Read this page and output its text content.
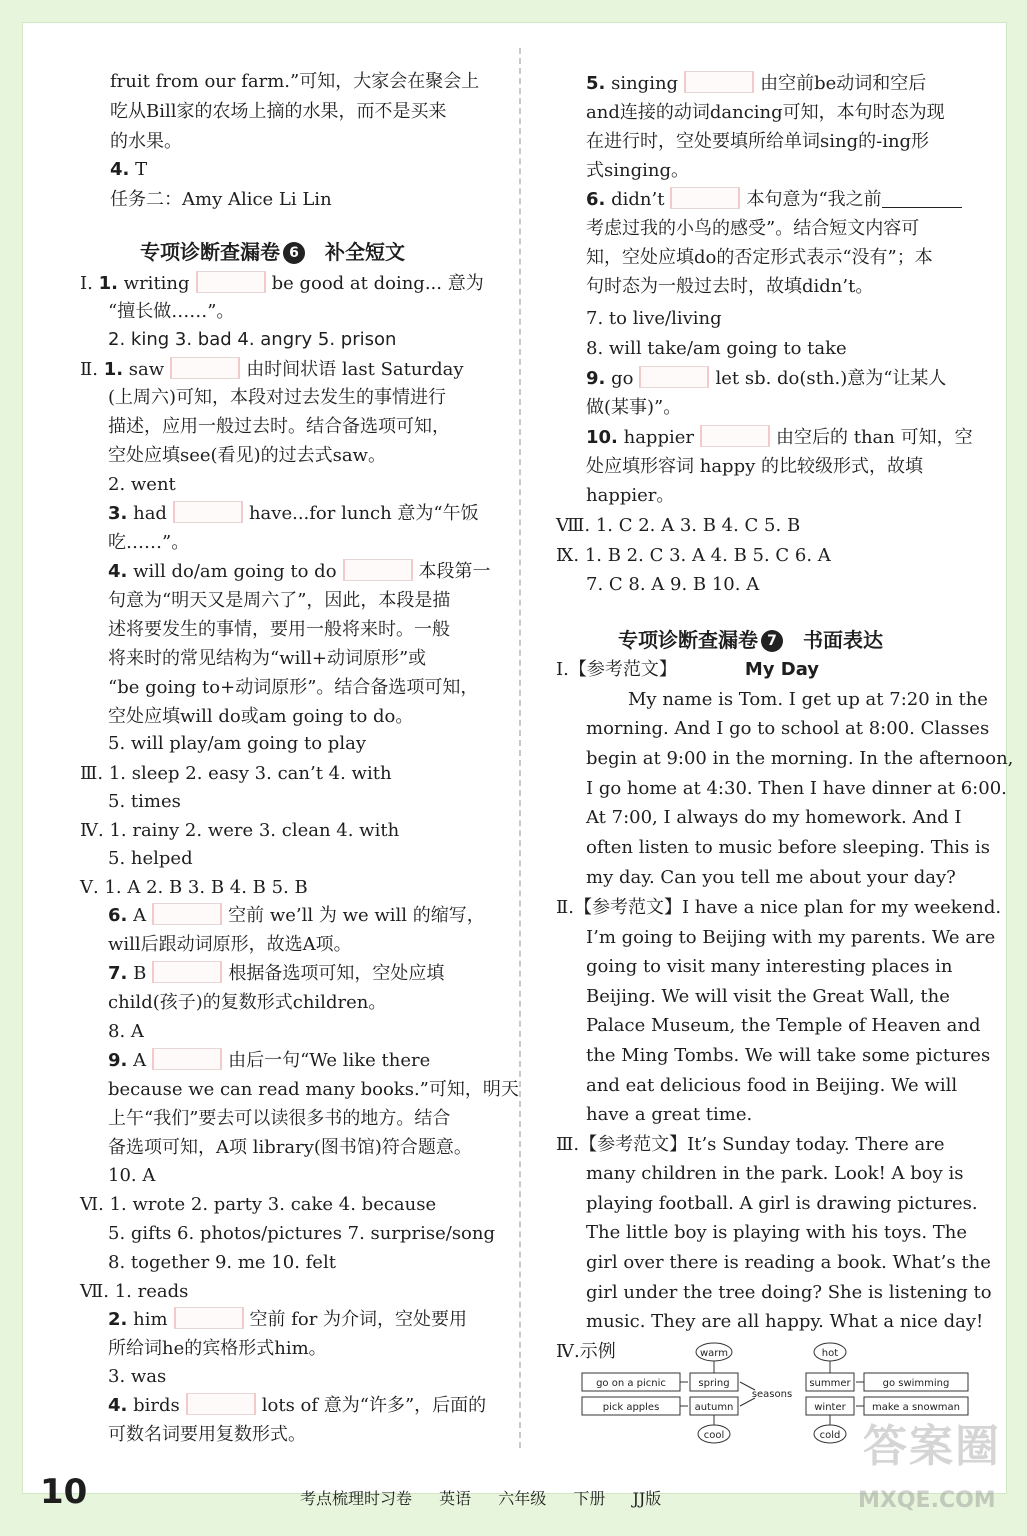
fruit from our farm.”可知，大家会在聚会上
吃从Bill家的农场上摘的水果，而不是买来
的水果。
4. T
任务二：Amy Alice Li Lin
专项诊断查漏卷 6 补全短文
Ⅰ. 1. writing	be good at doing... 意为
“擅长做……”。
2. king 3. bad 4. angry 5. prison
Ⅱ. 1. saw	由时间状语 last Saturday
(上周六)可知，本段对过去发生的事情进行
描述，应用一般过去时。结合备选项可知，
空处应填see(看见)的过去式saw。
2. went
3. had	have...for lunch 意为“午饭
吃……”。
4. will do/am going to do	本段第一
句意为“明天又是周六了”，因此，本段是描
述将要发生的事情，要用一般将来时。一般
将来时的常见结构为“will+动词原形”或
“be going to+动词原形”。结合备选项可知，
空处应填will do或am going to do。
5. will play/am going to play
Ⅲ. 1. sleep 2. easy 3. can’t 4. with
5. times
Ⅳ. 1. rainy 2. were 3. clean 4. with
5. helped
Ⅴ. 1. A 2. B 3. B 4. B 5. B
6. A	空前 we’ll 为 we will 的缩写，
will后跟动词原形，故选A项。
7. B	根据备选项可知，空处应填
child(孩子)的复数形式children。
8. A
9. A	由后一句“We like there
because we can read many books.”可知，明天
上午“我们”要去可以读很多书的地方。结合
备选项可知，A项 library(图书馆)符合题意。
10. A
Ⅵ. 1. wrote 2. party 3. cake 4. because
5. gifts 6. photos/pictures 7. surprise/song
8. together 9. me 10. felt
Ⅶ. 1. reads
2. him	空前 for 为介词，空处要用
所给词he的宾格形式him。
3. was
4. birds	lots of 意为“许多”，后面的
可数名词要用复数形式。
5. singing	由空前be动词和空后
and连接的动词dancing可知，本句时态为现
在进行时，空处要填所给单词sing的-ing形
式singing。
6. didn’t	本句意为“我之前
考虑过我的小鸟的感受”。结合短文内容可
知，空处应填do的否定形式表示“没有”；本
句时态为一般过去时，故填didn’t。
7. to live/living
8. will take/am going to take
9. go	let sb. do(sth.)意为“让某人
做(某事)”。
10. happier	由空后的 than 可知，空
处应填形容词 happy 的比较级形式，故填
happier。
Ⅷ. 1. C 2. A 3. B 4. C 5. B
Ⅸ. 1. B 2. C 3. A 4. B 5. C 6. A
7. C 8. A 9. B 10. A
专项诊断查漏卷 7 书面表达
Ⅰ.【参考范文】	My Day
My name is Tom. I get up at 7:20 in the
morning. And I go to school at 8:00. Classes
begin at 9:00 in the morning. In the afternoon,
I go home at 4:30. Then I have dinner at 6:00.
At 7:00, I always do my homework. And I
often listen to music before sleeping. This is
my day. Can you tell me about your day?
Ⅱ.【参考范文】I have a nice plan for my weekend.
I’m going to Beijing with my parents. We are
going to visit many interesting places in
Beijing. We will visit the Great Wall, the
Palace Museum, the Temple of Heaven and
the Ming Tombs. We will take some pictures
and eat delicious food in Beijing. We will
have a great time.
Ⅲ.【参考范文】It’s Sunday today. There are
many children in the park. Look! A boy is
playing football. A girl is drawing pictures.
The little boy is playing with his toys. The
girl over there is reading a book. What’s the
girl under the tree doing? She is listening to
music. They are all happy. What a nice day!
Ⅳ.示例	warm	hot
cool	cold
spring
autumn
summer
winter
go on a picnic
pick apples
go swimming
make a snowman
seasons
10	考点梳理时习卷 英语 六年级 下册 JJ版
答案圈
MXQE.COM
